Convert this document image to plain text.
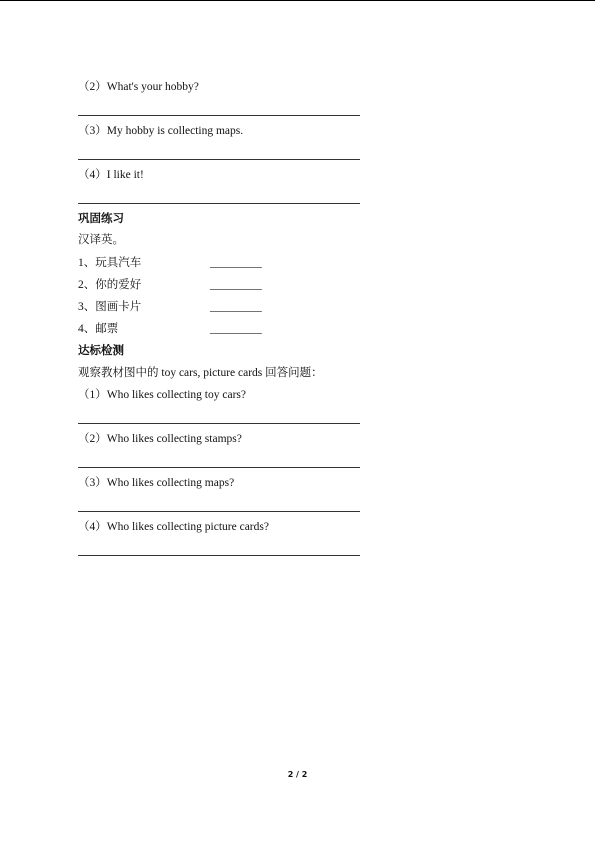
（2）What's your hobby?
（3）My hobby is collecting maps.
（4）I like it!
巩固练习
汉译英。
1、玩具汽车	_________
2、你的爱好	_________
3、图画卡片	_________
4、邮票	_________
达标检测
观察教材图中的 toy cars, picture cards 回答问题：
（1）Who likes collecting toy cars?
（2）Who likes collecting stamps?
（3）Who likes collecting maps?
（4）Who likes collecting picture cards?
2 / 2
